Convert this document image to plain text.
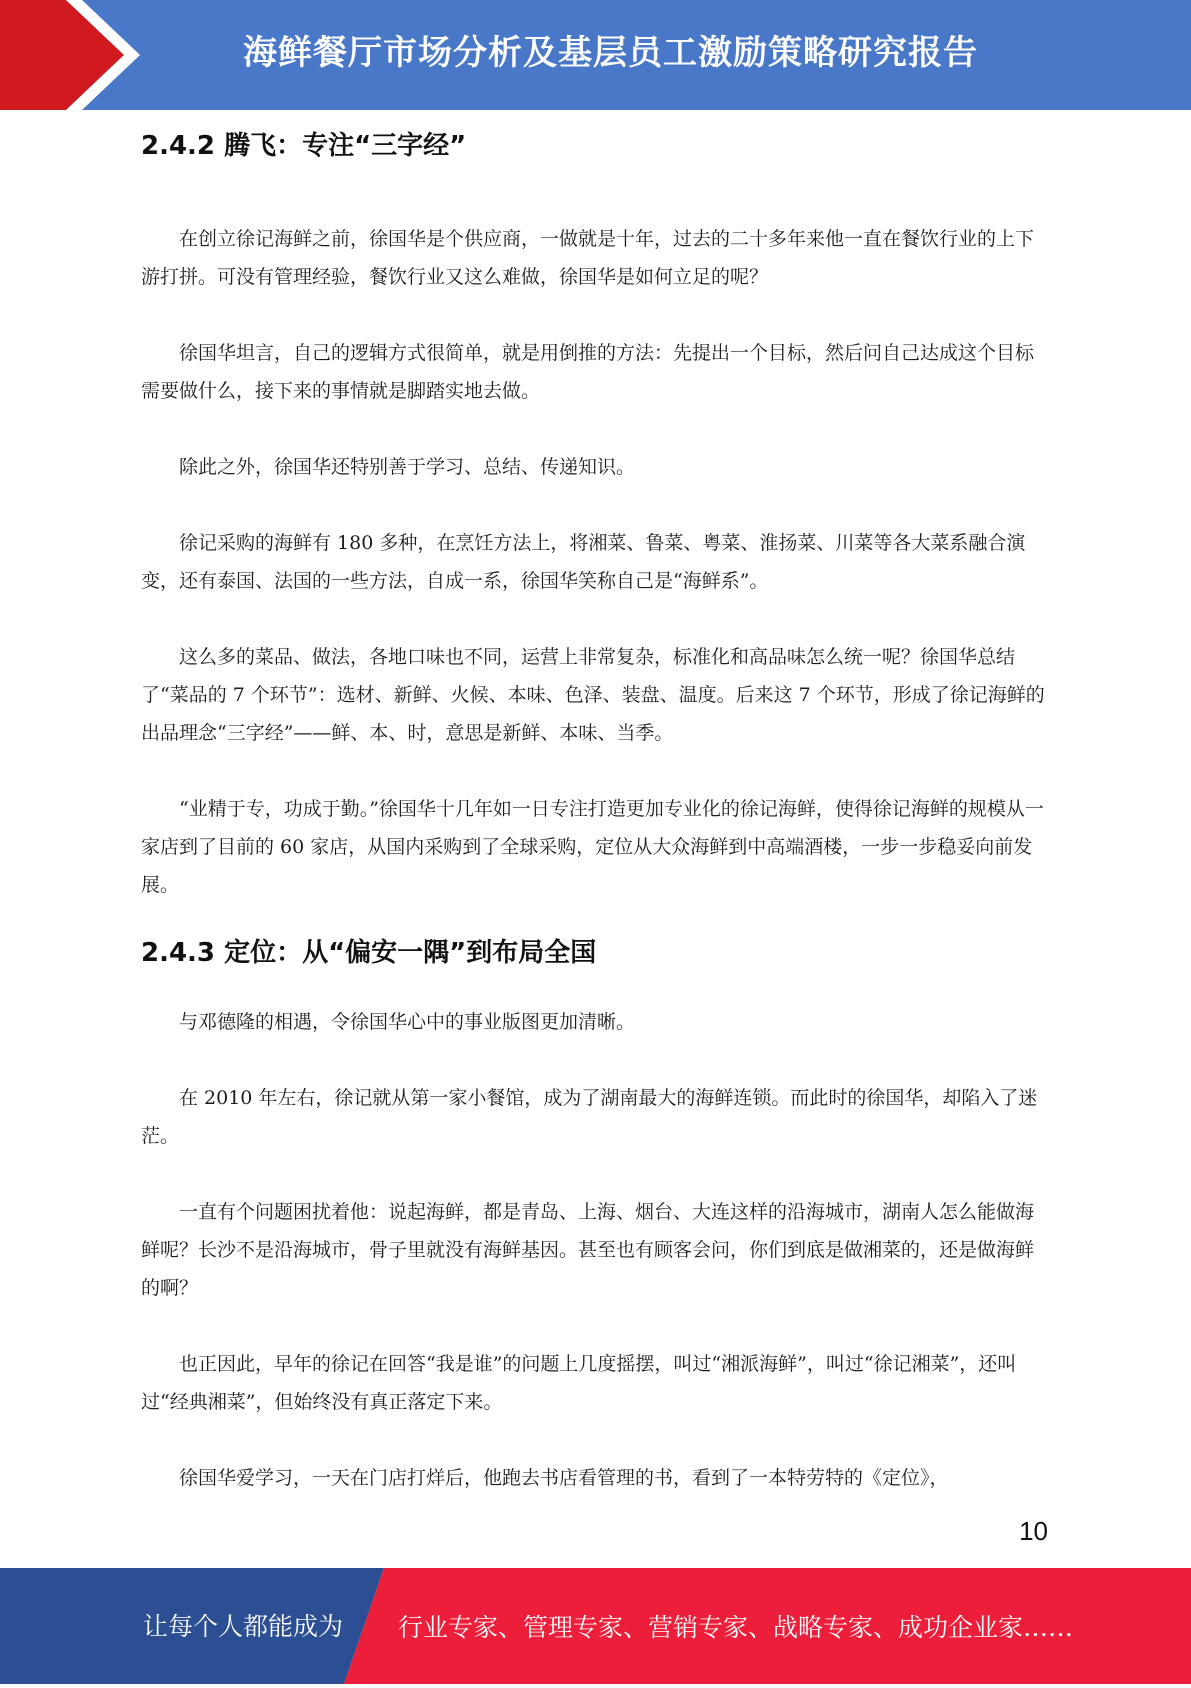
海鲜餐厅市场分析及基层员工激励策略研究报告
2.4.2 腾飞：专注“三字经”

在创立徐记海鲜之前，徐国华是个供应商，一做就是十年，过去的二十多年来他一直在餐饮行业的上下游打拼。可没有管理经验，餐饮行业又这么难做，徐国华是如何立足的呢？

徐国华坦言，自己的逻辑方式很简单，就是用倒推的方法：先提出一个目标，然后问自己达成这个目标需要做什么，接下来的事情就是脚踏实地去做。

除此之外，徐国华还特别善于学习、总结、传递知识。

徐记采购的海鲜有 180 多种，在烹饪方法上，将湘菜、鲁菜、粤菜、淮扬菜、川菜等各大菜系融合演变，还有泰国、法国的一些方法，自成一系，徐国华笑称自己是“海鲜系”。

这么多的菜品、做法，各地口味也不同，运营上非常复杂，标准化和高品味怎么统一呢？徐国华总结了“菜品的 7 个环节”：选材、新鲜、火候、本味、色泽、装盘、温度。后来这 7 个环节，形成了徐记海鲜的出品理念“三字经”——鲜、本、时，意思是新鲜、本味、当季。

“业精于专，功成于勤。”徐国华十几年如一日专注打造更加专业化的徐记海鲜，使得徐记海鲜的规模从一家店到了目前的 60 家店，从国内采购到了全球采购，定位从大众海鲜到中高端酒楼，一步一步稳妥向前发展。

2.4.3 定位：从“偏安一隅”到布局全国

与邓德隆的相遇，令徐国华心中的事业版图更加清晰。

在 2010 年左右，徐记就从第一家小餐馆，成为了湖南最大的海鲜连锁。而此时的徐国华，却陷入了迷茫。

一直有个问题困扰着他：说起海鲜，都是青岛、上海、烟台、大连这样的沿海城市，湖南人怎么能做海鲜呢？长沙不是沿海城市，骨子里就没有海鲜基因。甚至也有顾客会问，你们到底是做湘菜的，还是做海鲜的啊？

也正因此，早年的徐记在回答“我是谁”的问题上几度摇摆，叫过“湘派海鲜”，叫过“徐记湘菜”，还叫过“经典湘菜”，但始终没有真正落定下来。

徐国华爱学习，一天在门店打烊后，他跑去书店看管理的书，看到了一本特劳特的《定位》，

10
让每个人都能成为 行业专家、管理专家、营销专家、战略专家、成功企业家……
